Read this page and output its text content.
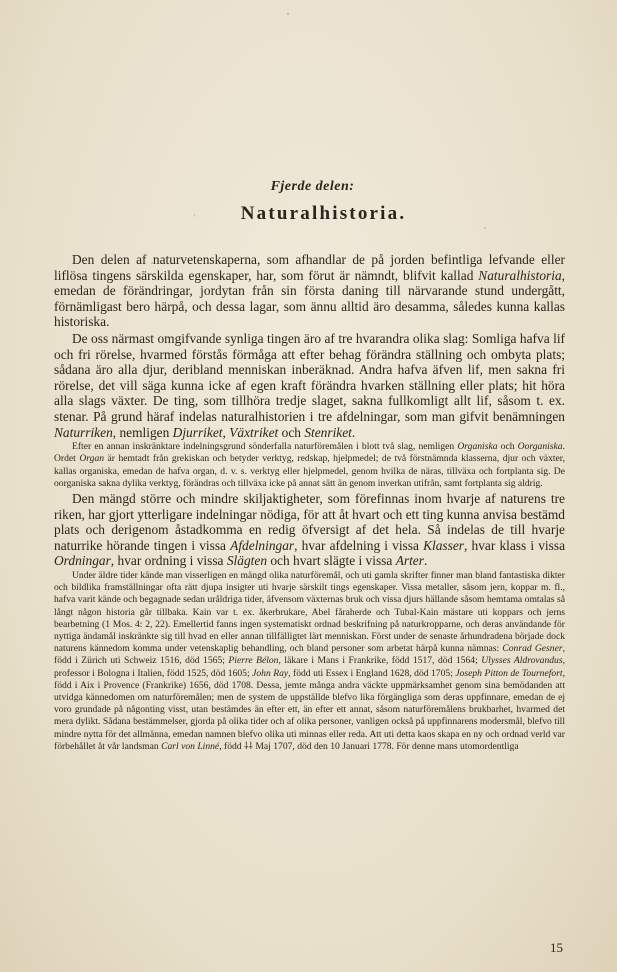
Fjerde delen:
Naturalhistoria.

Den delen af naturvetenskaperna, som afhandlar de på jorden befintliga lefvande eller liflösa tingens särskilda egenskaper, har, som förut är nämndt, blifvit kallad Naturalhistoria, emedan de förändringar, jordytan från sin första daning till närvarande stund undergått, förnämligast bero härpå, och dessa lagar, som ännu alltid äro desamma, således kunna kallas historiska.

De oss närmast omgifvande synliga tingen äro af tre hvarandra olika slag: Somliga hafva lif och fri rörelse, hvarmed förstås förmåga att efter behag förändra ställning och ombyta plats; sådana äro alla djur, deribland menniskan inberäknad. Andra hafva äfven lif, men sakna fri rörelse, det vill säga kunna icke af egen kraft förändra hvarken ställning eller plats; hit höra alla slags växter. De ting, som tillhöra tredje slaget, sakna fullkomligt allt lif, såsom t. ex. stenar. På grund häraf indelas naturalhistorien i tre afdelningar, som man gifvit benämningen Naturriken, nemligen Djurriket, Växtriket och Stenriket.

Efter en annan inskränktare indelningsgrund sönderfalla naturföremålen i blott två slag, nemligen Organiska och Oorganiska. Ordet Organ är hemtadt från grekiskan och betyder verktyg, redskap, hjelpmedel; de två förstnämnda klasserna, djur och växter, kallas organiska, emedan de hafva organ, d. v. s. verktyg eller hjelpmedel, genom hvilka de näras, tillväxa och fortplanta sig. De oorganiska sakna dylika verktyg, förändras och tillväxa icke på annat sätt än genom inverkan utifrån, samt fortplanta sig aldrig.

Den mängd större och mindre skiljaktigheter, som förefinnas inom hvarje af naturens tre riken, har gjort ytterligare indelningar nödiga, för att åt hvart och ett ting kunna anvisa bestämd plats och derigenom åstadkomma en redig öfversigt af det hela. Så indelas de till hvarje naturrike hörande tingen i vissa Afdelningar, hvar afdelning i vissa Klasser, hvar klass i vissa Ordningar, hvar ordning i vissa Slägten och hvart slägte i vissa Arter.

Under äldre tider kände man visserligen en mängd olika naturföremål, och uti gamla skrifter finner man bland fantastiska dikter och bildlika framställningar ofta rätt djupa insigter uti hvarje särskilt tings egenskaper. Vissa metaller, såsom jern, koppar m. fl., hafva varit kände och begagnade sedan uråldriga tider, äfvensom växternas bruk och vissa djurs hällande såsom hemtama omtalas så långt någon historia går tillbaka. Kain var t. ex. åkerbrukare, Abel fåraherde och Tubal-Kain mästare uti koppars och jerns bearbetning (1 Mos. 4: 2, 22). Emellertid fanns ingen systematiskt ordnad beskrifning på naturkropparne, och deras användande för nyttiga ändamål inskränkte sig till hvad en eller annan tillfälligtet lärt menniskan. Först under de senaste århundradena började dock naturens kännedom komma under vetenskaplig behandling, och bland personer som arbetat härpå kunna nämnas: Conrad Gesner, född i Zürich uti Schweiz 1516, död 1565; Pierre Bélon, läkare i Mans i Frankrike, född 1517, död 1564; Ulysses Aldrovandus, professor i Bologna i Italien, född 1525, död 1605; John Ray, född uti Essex i England 1628, död 1705; Joseph Pitton de Tournefort, född i Aix i Provence (Frankrike) 1656, död 1708. Dessa, jemte många andra väckte uppmärksamhet genom sina bemödanden att utvidga kännedomen om naturföremålen; men de system de uppställde blefvo lika förgängliga som deras uppfinnare, emedan de ej voro grundade på någonting visst, utan bestämdes än efter ett, än efter ett annat, såsom naturföremålens brukbarhet, hvarmed det mera dylikt. Sådana bestämmelser, gjorda på olika tider och af olika personer, vanligen också på uppfinnarens modersmål, blefvo till mindre nytta för det allmänna, emedan namnen blefvo olika uti minnas eller reda. Att uti detta kaos skapa en ny och ordnad verld var förbehållet åt vår landsman Carl von Linné, född ⸸⸸ Maj 1707, död den 10 Januari 1778. För denne mans utomordentliga

15
